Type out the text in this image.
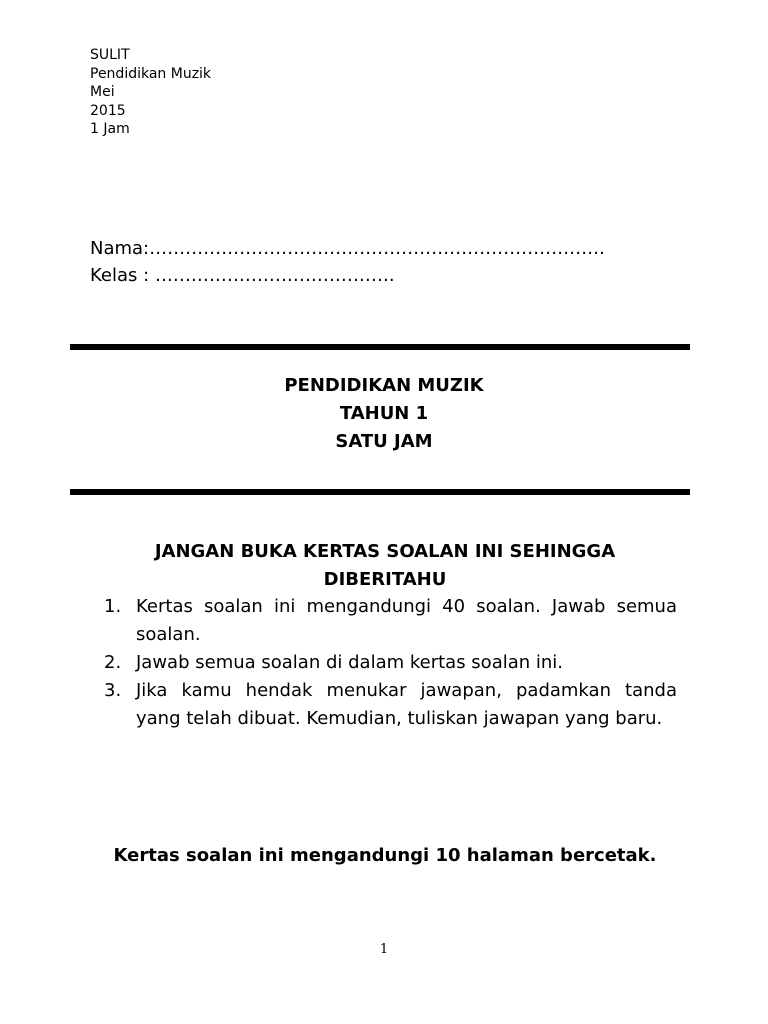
SULIT
Pendidikan Muzik
Mei
2015
1 Jam
Nama:………………………………………………………………….
Kelas : ………………………………….
PENDIDIKAN MUZIK
TAHUN 1
SATU JAM
JANGAN BUKA KERTAS SOALAN INI SEHINGGA DIBERITAHU
1. Kertas soalan ini mengandungi 40 soalan. Jawab semua soalan.
2. Jawab semua soalan di dalam kertas soalan ini.
3. Jika kamu hendak menukar jawapan, padamkan tanda yang telah dibuat. Kemudian, tuliskan jawapan yang baru.
Kertas soalan ini mengandungi 10 halaman bercetak.
1
